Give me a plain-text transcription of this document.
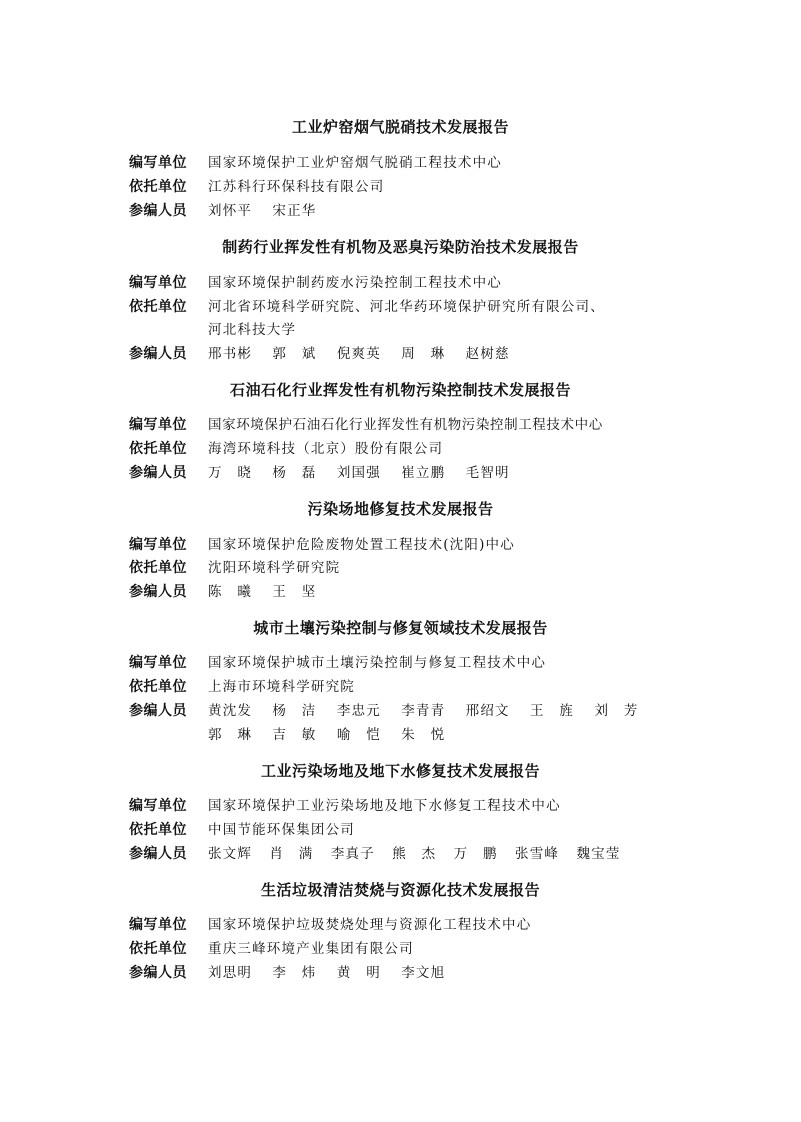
工业炉窑烟气脱硝技术发展报告
编写单位 国家环境保护工业炉窑烟气脱硝工程技术中心
依托单位 江苏科行环保科技有限公司
参编人员 刘怀平 宋正华
制药行业挥发性有机物及恶臭污染防治技术发展报告
编写单位 国家环境保护制药废水污染控制工程技术中心
依托单位 河北省环境科学研究院、河北华药环境保护研究所有限公司、
河北科技大学
参编人员 邢书彬 郭　斌 倪爽英 周　琳 赵树慈
石油石化行业挥发性有机物污染控制技术发展报告
编写单位 国家环境保护石油石化行业挥发性有机物污染控制工程技术中心
依托单位 海湾环境科技（北京）股份有限公司
参编人员 万　晓 杨　磊 刘国强 崔立鹏 毛智明
污染场地修复技术发展报告
编写单位 国家环境保护危险废物处置工程技术(沈阳)中心
依托单位 沈阳环境科学研究院
参编人员 陈　曦 王　坚
城市土壤污染控制与修复领域技术发展报告
编写单位 国家环境保护城市土壤污染控制与修复工程技术中心
依托单位 上海市环境科学研究院
参编人员 黄沈发 杨　洁 李忠元 李青青 邢绍文 王　旌 刘　芳
郭　琳 吉　敏 喻　恺 朱　悦
工业污染场地及地下水修复技术发展报告
编写单位 国家环境保护工业污染场地及地下水修复工程技术中心
依托单位 中国节能环保集团公司
参编人员 张文辉 肖　满 李真子 熊　杰 万　鹏 张雪峰 魏宝莹
生活垃圾清洁焚烧与资源化技术发展报告
编写单位 国家环境保护垃圾焚烧处理与资源化工程技术中心
依托单位 重庆三峰环境产业集团有限公司
参编人员 刘思明 李　炜 黄　明 李文旭
